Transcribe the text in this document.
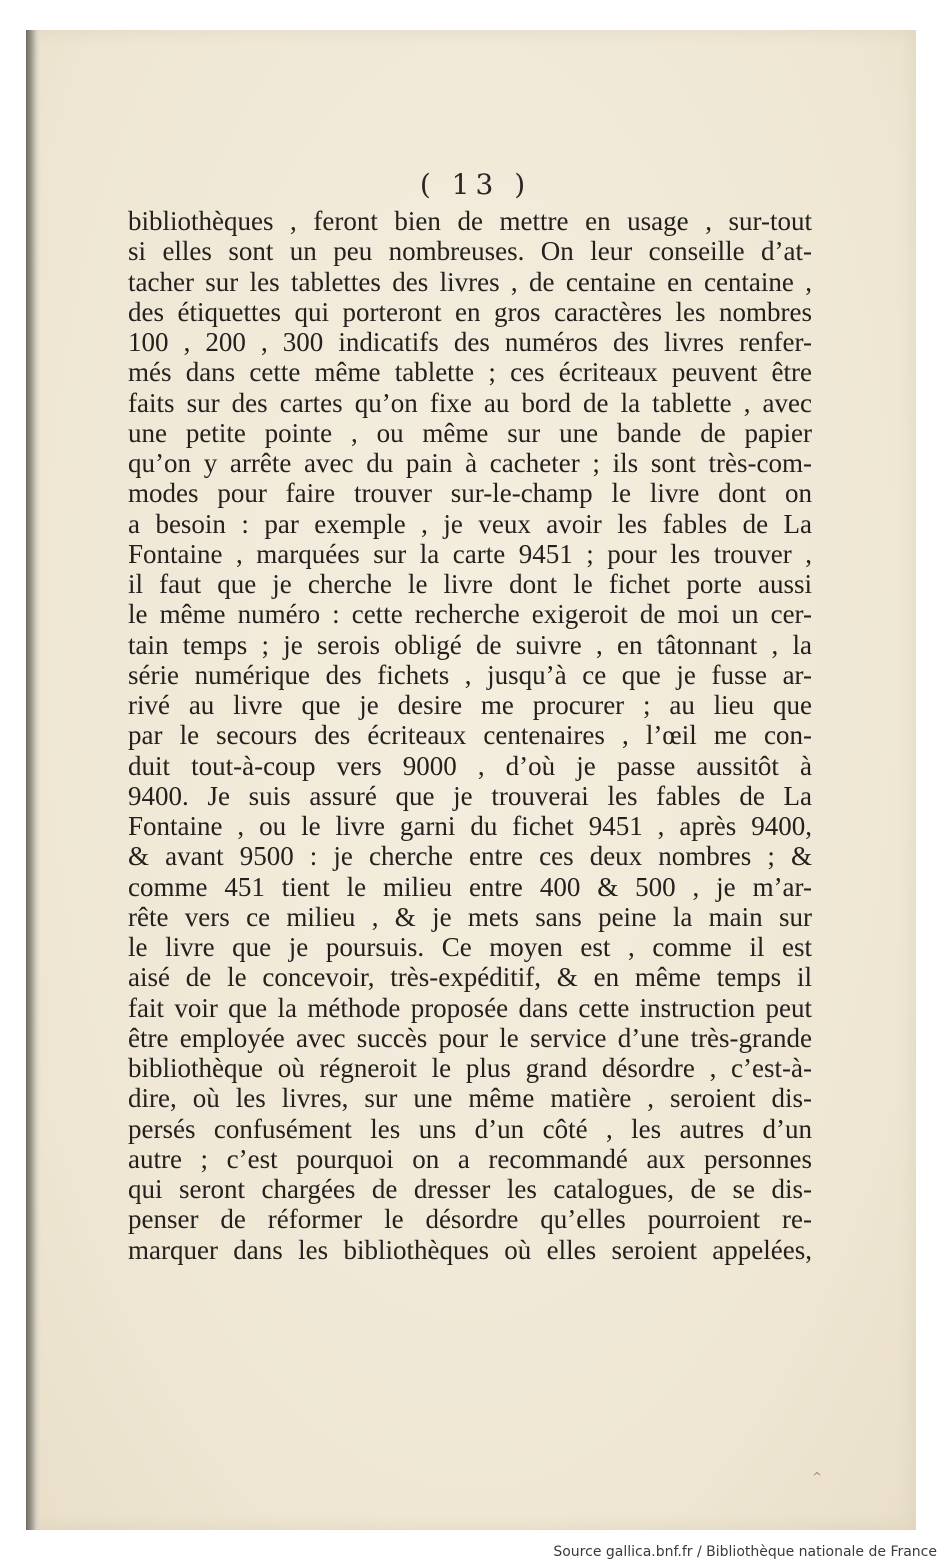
( 13 )
bibliothèques , feront bien de mettre en usage , sur-tout
si elles sont un peu nombreuses. On leur conseille d’at-
tacher sur les tablettes des livres , de centaine en centaine ,
des étiquettes qui porteront en gros caractères les nombres
100 , 200 , 300 indicatifs des numéros des livres renfer-
més dans cette même tablette ; ces écriteaux peuvent être
faits sur des cartes qu’on fixe au bord de la tablette , avec
une petite pointe , ou même sur une bande de papier
qu’on y arrête avec du pain à cacheter ; ils sont très-com-
modes pour faire trouver sur-le-champ le livre dont on
a besoin : par exemple , je veux avoir les fables de La
Fontaine , marquées sur la carte 9451 ; pour les trouver ,
il faut que je cherche le livre dont le fichet porte aussi
le même numéro : cette recherche exigeroit de moi un cer-
tain temps ; je serois obligé de suivre , en tâtonnant , la
série numérique des fichets , jusqu’à ce que je fusse ar-
rivé au livre que je desire me procurer ; au lieu que
par le secours des écriteaux centenaires , l’œil me con-
duit tout-à-coup vers 9000 , d’où je passe aussitôt à
9400. Je suis assuré que je trouverai les fables de La
Fontaine , ou le livre garni du fichet 9451 , après 9400,
& avant 9500 : je cherche entre ces deux nombres ; &
comme 451 tient le milieu entre 400 & 500 , je m’ar-
rête vers ce milieu , & je mets sans peine la main sur
le livre que je poursuis. Ce moyen est , comme il est
aisé de le concevoir, très-expéditif, & en même temps il
fait voir que la méthode proposée dans cette instruction peut
être employée avec succès pour le service d’une très-grande
bibliothèque où régneroit le plus grand désordre , c’est-à-
dire, où les livres, sur une même matière , seroient dis-
persés confusément les uns d’un côté , les autres d’un
autre ; c’est pourquoi on a recommandé aux personnes
qui seront chargées de dresser les catalogues, de se dis-
penser de réformer le désordre qu’elles pourroient re-
marquer dans les bibliothèques où elles seroient appelées,
^
Source gallica.bnf.fr / Bibliothèque nationale de France
